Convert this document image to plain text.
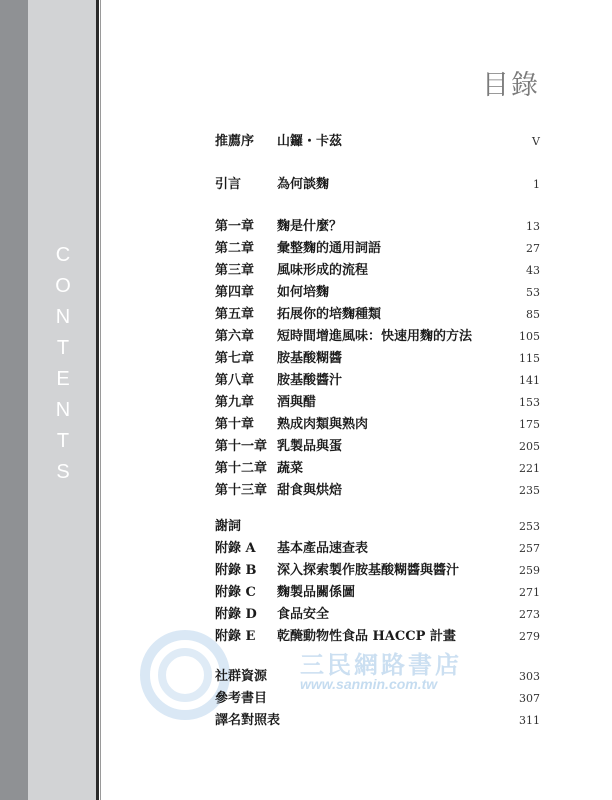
C
O
N
T
E
N
T
S
目錄
三民網路書店
www.sanmin.com.tw
推薦序 山鑼・卡茲	V
引言	為何談麴	1
第一章 麴是什麼？	13
第二章 彙整麴的通用詞語	27
第三章 風味形成的流程	43
第四章 如何培麴	53
第五章 拓展你的培麴種類	85
第六章 短時間增進風味：快速用麴的方法	105
第七章 胺基酸糊醬	115
第八章 胺基酸醬汁	141
第九章 酒與醋	153
第十章 熟成肉類與熟肉	175
第十一章 乳製品與蛋	205
第十二章 蔬菜	221
第十三章 甜食與烘焙	235
謝詞	253
附錄 A 基本產品速查表	257
附錄 B 深入探索製作胺基酸糊醬與醬汁	259
附錄 C 麴製品關係圖	271
附錄 D 食品安全	273
附錄 E 乾醃動物性食品 HACCP 計畫	279
社群資源	303
參考書目	307
譯名對照表	311
